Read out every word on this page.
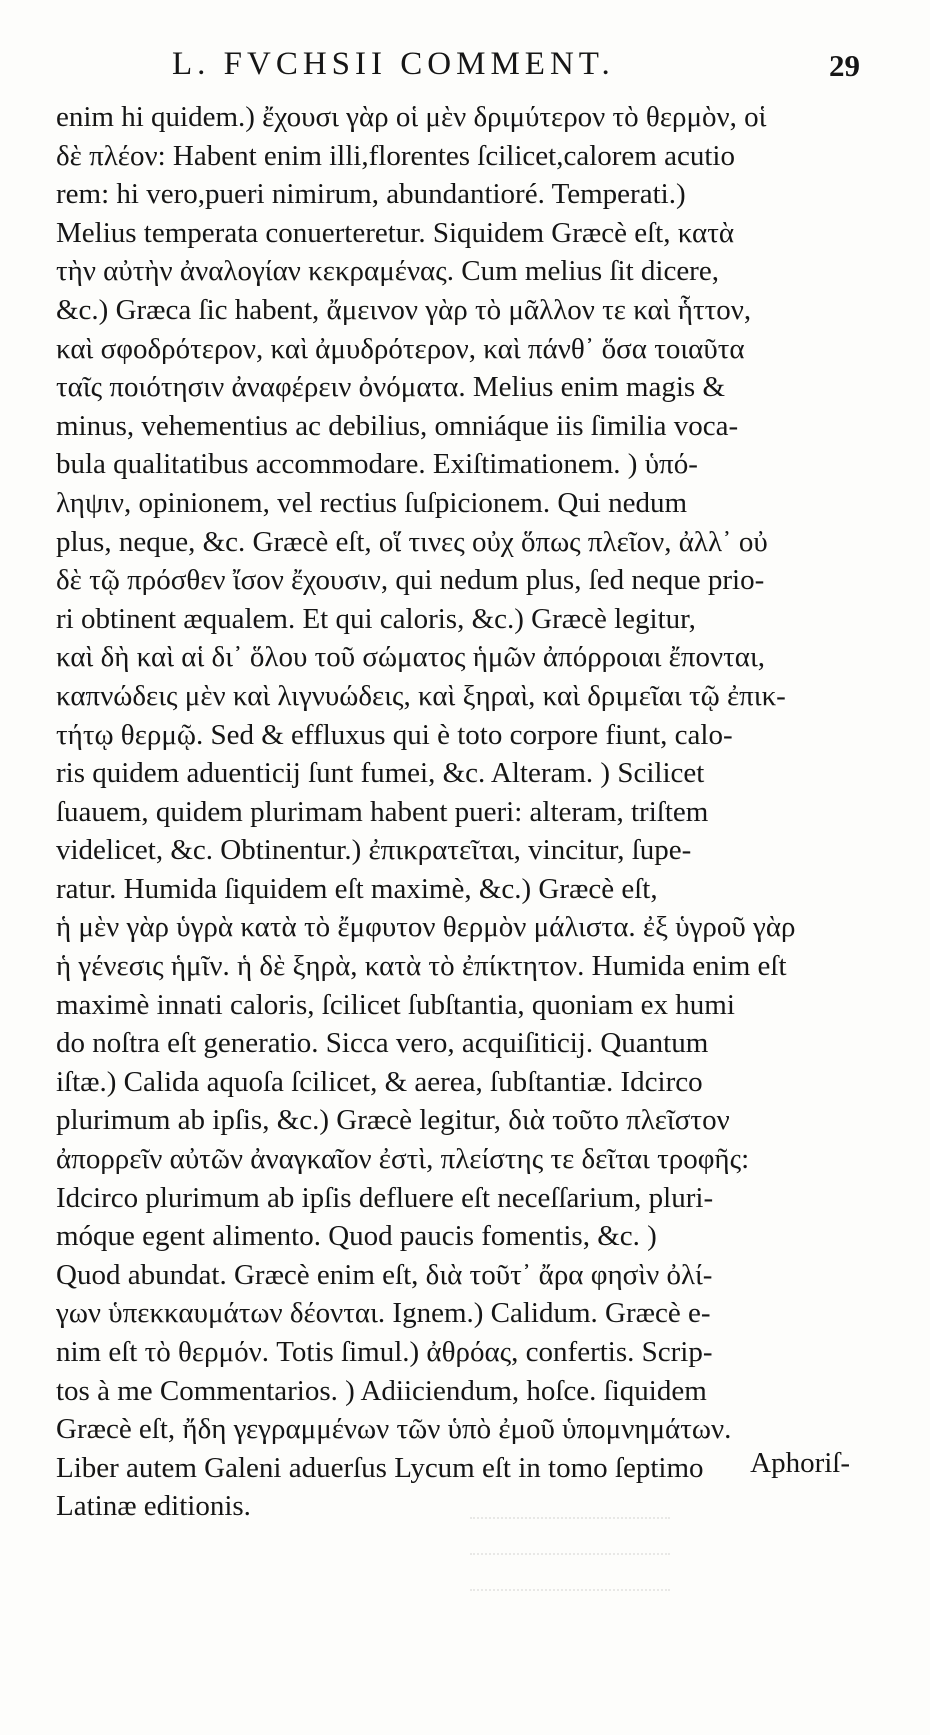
L. FVCHSII COMMENT.	29
enim hi quidem.) ἔχουσι γὰρ οἱ μὲν δριμύτερον τὸ θερμὸν, οἱ
δὲ πλέον: Habent enim illi,florentes ſcilicet,calorem acutio
rem: hi vero,pueri nimirum, abundantioré. Temperati.)
Melius temperata conuerteretur. Siquidem Græcè eſt, κατὰ
τὴν αὐτὴν ἀναλογίαν κεκραμένας. Cum melius ſit dicere,
&c.) Græca ſic habent, ἄμεινον γὰρ τὸ μᾶλλον τε καὶ ἧττον,
καὶ σφοδρότερον, καὶ ἀμυδρότερον, καὶ πάνθ᾽ ὅσα τοιαῦτα
ταῖς ποιότησιν ἀναφέρειν ὀνόματα. Melius enim magis &
minus, vehementius ac debilius, omniáque iis ſimilia voca-
bula qualitatibus accommodare. Exiſtimationem. ) ὑπό-
ληψιν, opinionem, vel rectius ſuſpicionem. Qui nedum
plus, neque, &c. Græcè eſt, οἵ τινες οὐχ ὅπως πλεῖον, ἀλλ᾽ οὐ
δὲ τῷ πρόσθεν ἴσον ἔχουσιν, qui nedum plus, ſed neque prio-
ri obtinent æqualem. Et qui caloris, &c.) Græcè legitur,
καὶ δὴ καὶ αἱ δι᾽ ὅλου τοῦ σώματος ἡμῶν ἀπόρροιαι ἔπονται,
καπνώδεις μὲν καὶ λιγνυώδεις, καὶ ξηραὶ, καὶ δριμεῖαι τῷ ἐπικ-
τήτῳ θερμῷ. Sed & effluxus qui è toto corpore fiunt, calo-
ris quidem aduenticij ſunt fumei, &c. Alteram. ) Scilicet
ſuauem, quidem plurimam habent pueri: alteram, triſtem
videlicet, &c. Obtinentur.) ἐπικρατεῖται, vincitur, ſupe-
ratur. Humida ſiquidem eſt maximè, &c.) Græcè eſt,
ἡ μὲν γὰρ ὑγρὰ κατὰ τὸ ἔμφυτον θερμὸν μάλιστα. ἐξ ὑγροῦ γὰρ
ἡ γένεσις ἡμῖν. ἡ δὲ ξηρὰ, κατὰ τὸ ἐπίκτητον. Humida enim eſt
maximè innati caloris, ſcilicet ſubſtantia, quoniam ex humi
do noſtra eſt generatio. Sicca vero, acquiſiticij. Quantum
iſtæ.) Calida aquoſa ſcilicet, & aerea, ſubſtantiæ. Idcirco
plurimum ab ipſis, &c.) Græcè legitur, διὰ τοῦτο πλεῖστον
ἀπορρεῖν αὐτῶν ἀναγκαῖον ἐστὶ, πλείστης τε δεῖται τροφῆς:
Idcirco plurimum ab ipſis defluere eſt neceſſarium, pluri-
móque egent alimento. Quod paucis fomentis, &c. )
Quod abundat. Græcè enim eſt, διὰ τοῦτ᾽ ἄρα φησὶν ὀλί-
γων ὑπεκκαυμάτων δέονται. Ignem.) Calidum. Græcè e-
nim eſt τὸ θερμόν. Totis ſimul.) ἀθρόας, confertis. Scrip-
tos à me Commentarios. ) Adiiciendum, hoſce. ſiquidem
Græcè eſt, ἤδη γεγραμμένων τῶν ὑπὸ ἐμοῦ ὑπομνημάτων.
Liber autem Galeni aduerſus Lycum eſt in tomo ſeptimo
Latinæ editionis.
Aphoriſ-
